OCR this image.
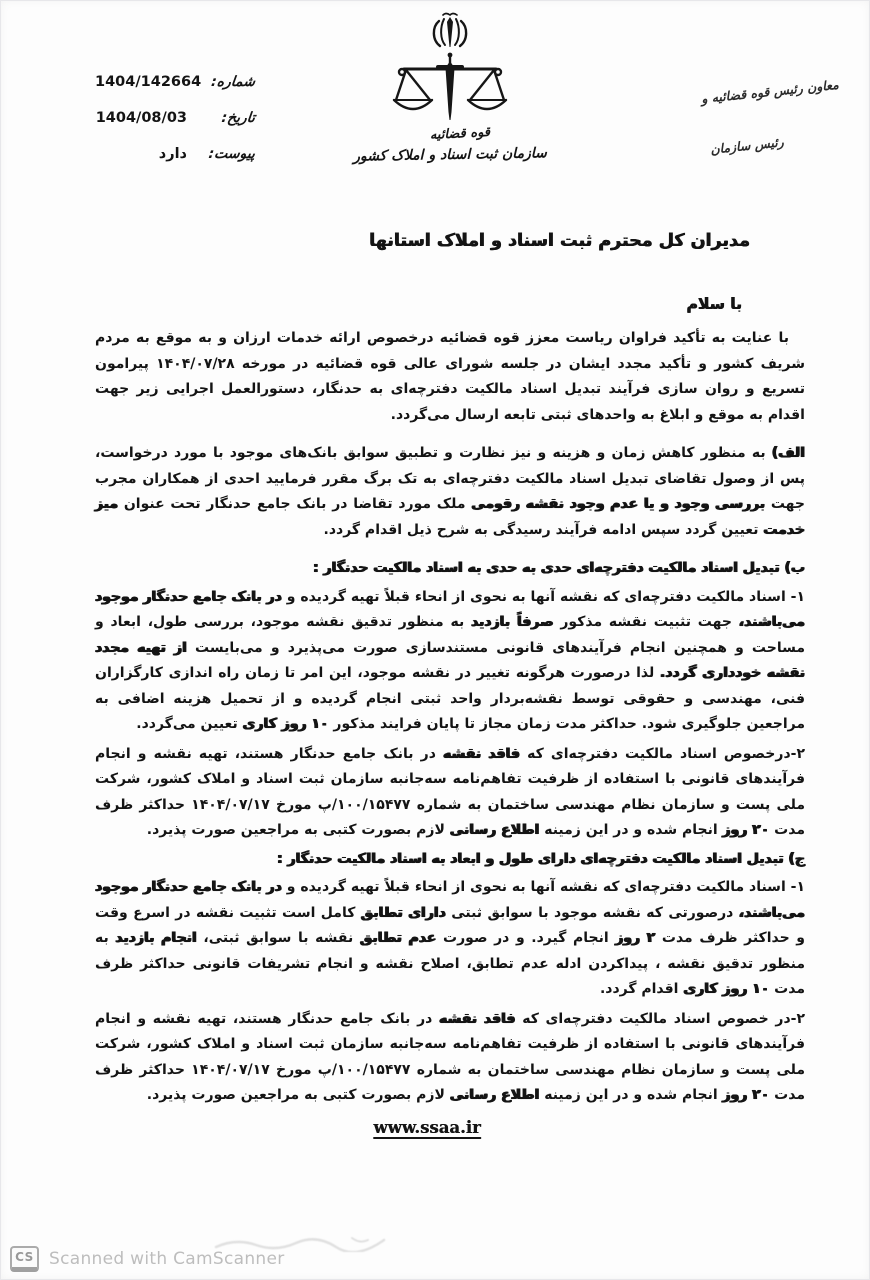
شماره:
1404/142664
تاریخ:
1404/08/03
پیوست:
دارد
قوه قضائیه
سازمان ثبت اسناد و املاک کشور
معاون رئیس قوه قضائیه و
رئیس سازمان
مدیران کل محترم ثبت اسناد و املاک استانها
با سلام

با عنایت به تأکید فراوان ریاست معزز قوه قضائیه درخصوص ارائه خدمات ارزان و به موقع به مردم شریف کشور و تأکید مجدد ایشان در جلسه شورای عالی قوه قضائیه در مورخه ۱۴۰۴/۰۷/۲۸ پیرامون تسریع و روان سازی فرآیند تبدیل اسناد مالکیت دفترچه‌ای به حدنگار، دستورالعمل اجرایی زیر جهت اقدام به موقع و ابلاغ به واحدهای ثبتی تابعه ارسال می‌گردد.

الف) به منظور کاهش زمان و هزینه و نیز نظارت و تطبیق سوابق بانک‌های موجود با مورد درخواست، پس از وصول تقاضای تبدیل اسناد مالکیت دفترچه‌ای به تک برگ مقرر فرمایید احدی از همکاران مجرب جهت بررسی وجود و یا عدم وجود نقشه رقومی ملک مورد تقاضا در بانک جامع حدنگار تحت عنوان میز خدمت تعیین گردد سپس ادامه فرآیند رسیدگی به شرح ذیل اقدام گردد.

ب) تبدیل اسناد مالکیت دفترچه‌ای حدی به حدی به اسناد مالکیت حدنگار :

۱- اسناد مالکیت دفترچه‌ای که نقشه آنها به نحوی از انحاء قبلاً تهیه گردیده و در بانک جامع حدنگار موجود می‌باشند، جهت تثبیت نقشه مذکور صرفاً بازدید به منظور تدقیق نقشه موجود، بررسی طول، ابعاد و مساحت و همچنین انجام فرآیندهای قانونی مستندسازی صورت می‌پذیرد و می‌بایست از تهیه مجدد نقشه خودداری گردد. لذا درصورت هرگونه تغییر در نقشه موجود، این امر تا زمان راه اندازی کارگزاران فنی، مهندسی و حقوقی توسط نقشه‌بردار واحد ثبتی انجام گردیده و از تحمیل هزینه اضافی به مراجعین جلوگیری شود. حداکثر مدت زمان مجاز تا پایان فرایند مذکور ۱۰ روز کاری تعیین می‌گردد.

۲-درخصوص اسناد مالکیت دفترچه‌ای که فاقد نقشه در بانک جامع حدنگار هستند، تهیه نقشه و انجام فرآیندهای قانونی با استفاده از ظرفیت تفاهم‌نامه سه‌جانبه سازمان ثبت اسناد و املاک کشور، شرکت ملی پست و سازمان نظام مهندسی ساختمان به شماره ۱۰۰/۱۵۴۷۷/پ مورخ ۱۴۰۴/۰۷/۱۷ حداکثر ظرف مدت ۲۰ روز انجام شده و در این زمینه اطلاع رسانی لازم بصورت کتبی به مراجعین صورت پذیرد.

ج) تبدیل اسناد مالکیت دفترچه‌ای دارای طول و ابعاد به اسناد مالکیت حدنگار :

۱- اسناد مالکیت دفترچه‌ای که نقشه آنها به نحوی از انحاء قبلاً تهیه گردیده و در بانک جامع حدنگار موجود می‌باشند، درصورتی که نقشه موجود با سوابق ثبتی دارای تطابق کامل است تثبیت نقشه در اسرع وقت و حداکثر ظرف مدت ۲ روز انجام گیرد. و در صورت عدم تطابق نقشه با سوابق ثبتی، انجام بازدید به منظور تدقیق نقشه ، پیداکردن ادله عدم تطابق، اصلاح نقشه و انجام تشریفات قانونی حداکثر ظرف مدت ۱۰ روز کاری اقدام گردد.

۲-در خصوص اسناد مالکیت دفترچه‌ای که فاقد نقشه در بانک جامع حدنگار هستند، تهیه نقشه و انجام فرآیندهای قانونی با استفاده از ظرفیت تفاهم‌نامه سه‌جانبه سازمان ثبت اسناد و املاک کشور، شرکت ملی پست و سازمان نظام مهندسی ساختمان به شماره ۱۰۰/۱۵۴۷۷/پ مورخ ۱۴۰۴/۰۷/۱۷ حداکثر ظرف مدت ۲۰ روز انجام شده و در این زمینه اطلاع رسانی لازم بصورت کتبی به مراجعین صورت پذیرد.

www.ssaa.ir
CS Scanned with CamScanner
